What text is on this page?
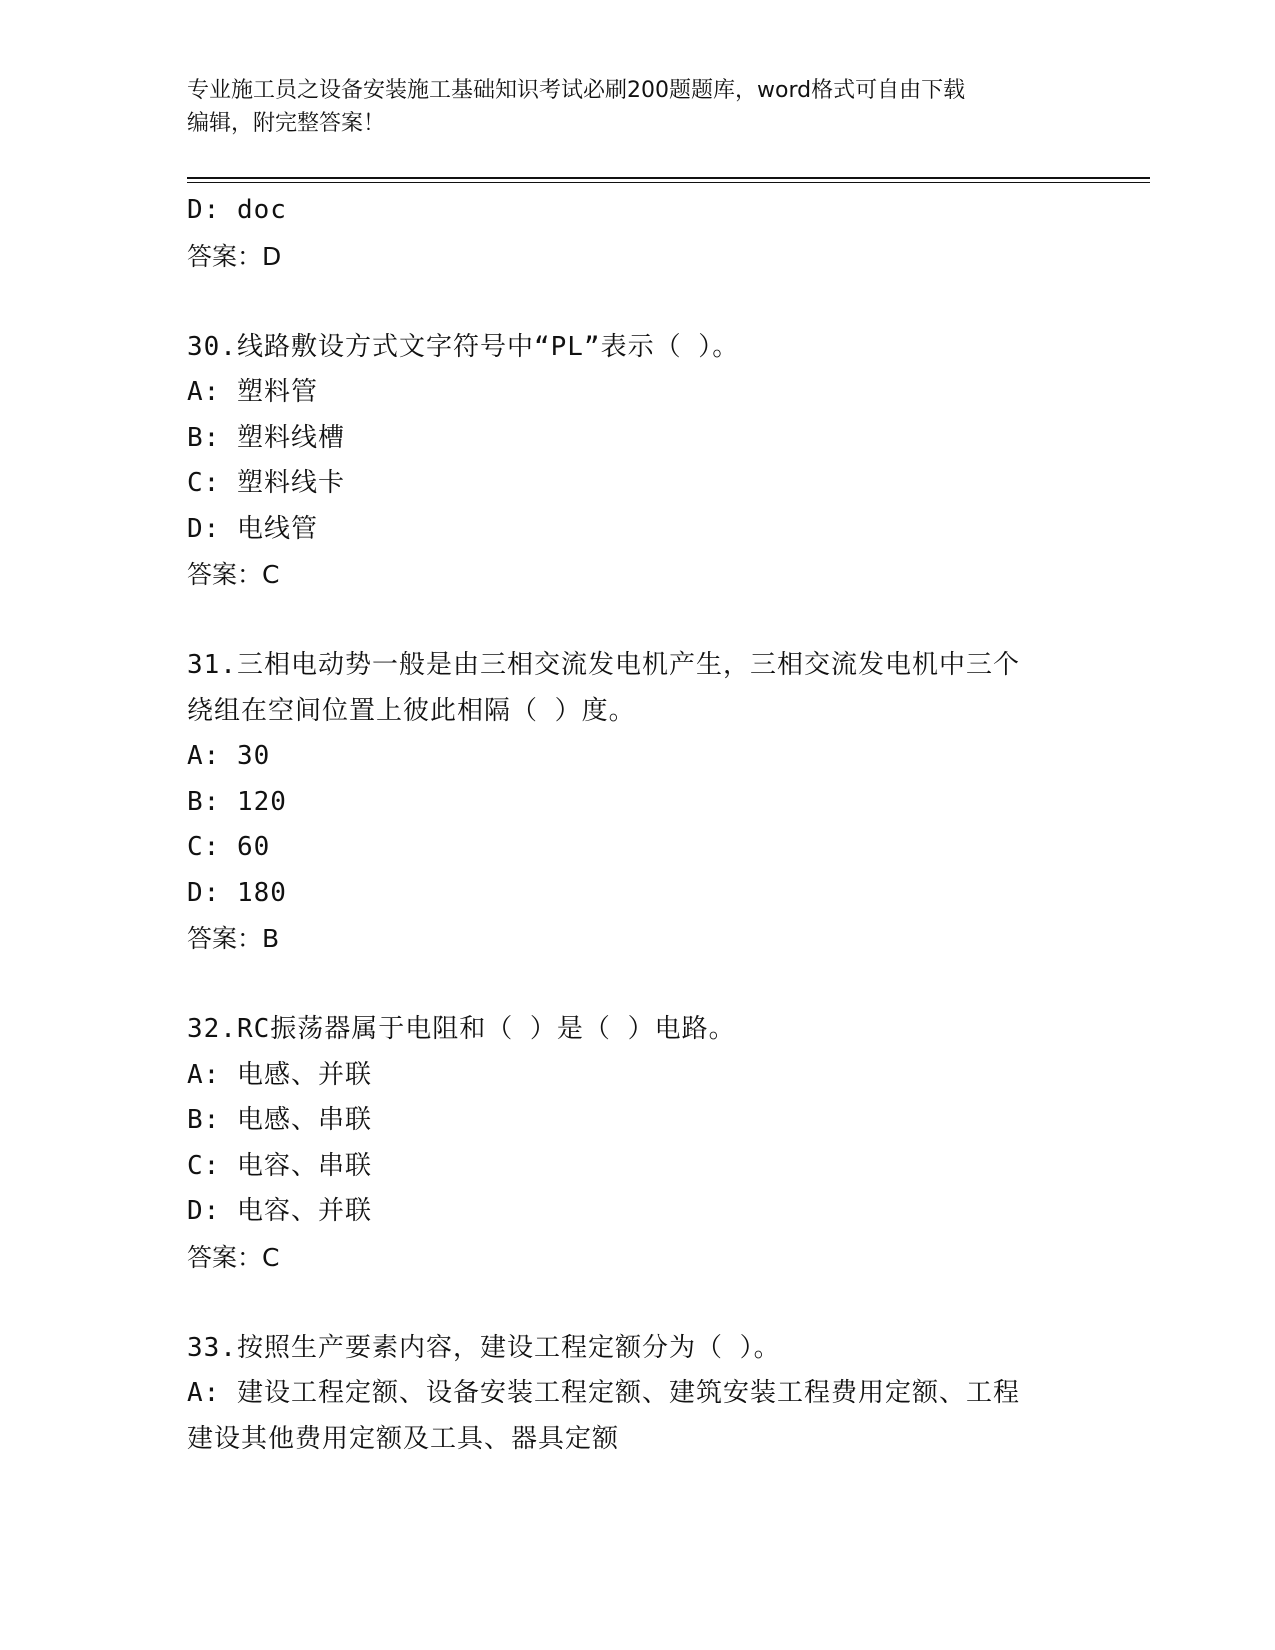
专业施工员之设备安装施工基础知识考试必刷200题题库，word格式可自由下载
编辑，附完整答案！
D: doc
答案：D
30.线路敷设方式文字符号中“PL”表示（ ）。
A: 塑料管
B: 塑料线槽
C: 塑料线卡
D: 电线管
答案：C
31.三相电动势一般是由三相交流发电机产生，三相交流发电机中三个
绕组在空间位置上彼此相隔（ ）度。
A: 30
B: 120
C: 60
D: 180
答案：B
32.RC振荡器属于电阻和（ ）是（ ）电路。
A: 电感、并联
B: 电感、串联
C: 电容、串联
D: 电容、并联
答案：C
33.按照生产要素内容，建设工程定额分为（ ）。
A: 建设工程定额、设备安装工程定额、建筑安装工程费用定额、工程
建设其他费用定额及工具、器具定额
